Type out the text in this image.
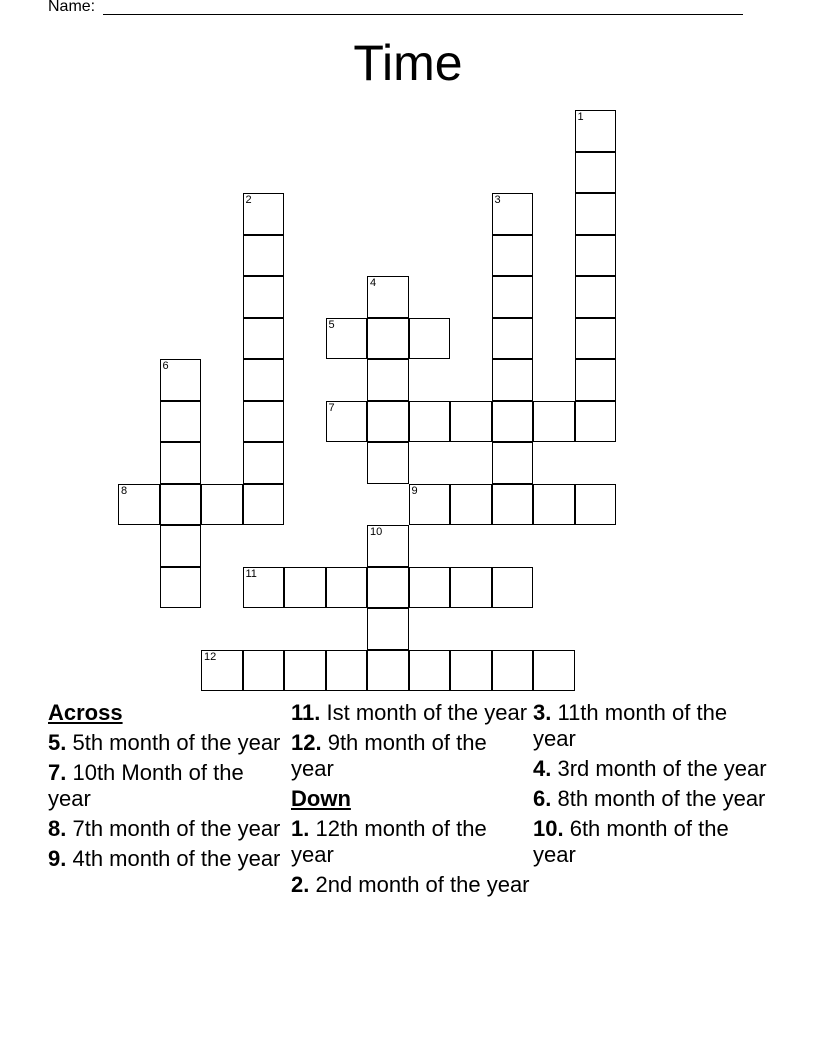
Name:
Time
1
2	3
4
5
6
7
8	9
10
11
12
Across
5. 5th month of the year
7. 10th Month of the year
8. 7th month of the year
9. 4th month of the year
11. Ist month of the year
12. 9th month of the year
Down
1. 12th month of the year
2. 2nd month of the year
3. 11th month of the year
4. 3rd month of the year
6. 8th month of the year
10. 6th month of the year
